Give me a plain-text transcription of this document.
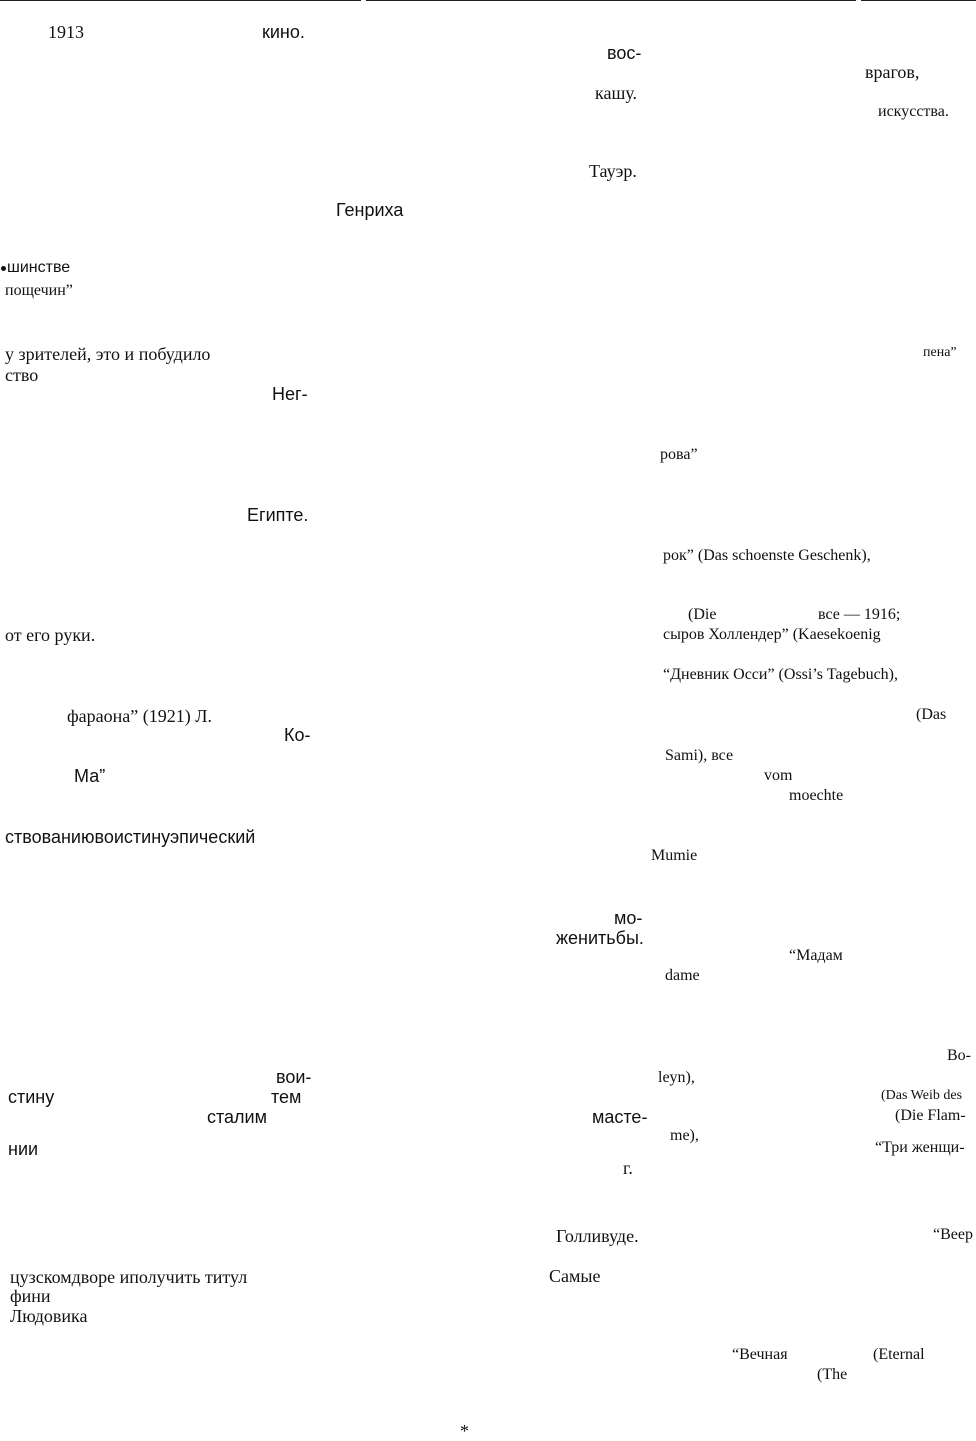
1913	кино.
Генриха
шинстве
пощечин”
у зрителей, это и побудило
ство
Нег-
Египте.
от его руки.
фараона” (1921) Л.
Ко-
Ма”
ствованиювоистинуэпический
вои-
стину	тем
сталим
нии
цузскомдворе иполучить титул
фини
Людовика
вос-
кашу.
Тауэр.
рова”
рок” (Das schoenste Geschenk),
(Die	все — 1916;
сыров Холлендер” (Kaesekoenig
“Дневник Осси” (Ossi’s Tagebuch),
Sami), все
vom
moechte
Mumie
мо-
женитьбы.
“Мадам
dame
leyn),
масте-
me),
г.
Голливуде.
Самые
“Вечная	(Eternal
(The
врагов,
искусства.
пена”
(Das
Bo-
(Das Weib des
(Die Flam-
“Три женщи-
“Веер
*
